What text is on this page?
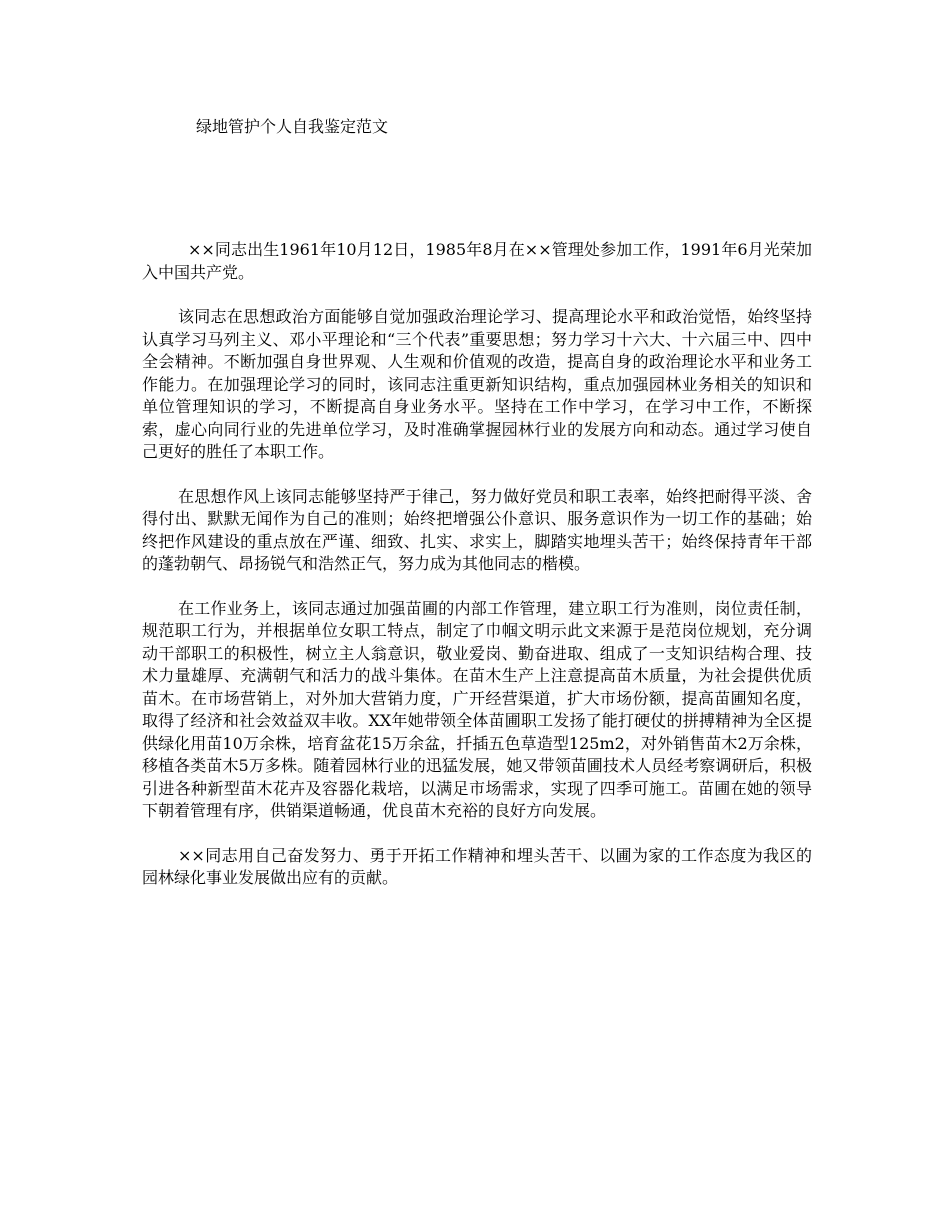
绿地管护个人自我鉴定范文

××同志出生1961年10月12日，1985年8月在××管理处参加工作，1991年6月光荣加入中国共产党。

该同志在思想政治方面能够自觉加强政治理论学习、提高理论水平和政治觉悟，始终坚持认真学习马列主义、邓小平理论和“三个代表”重要思想；努力学习十六大、十六届三中、四中全会精神。不断加强自身世界观、人生观和价值观的改造，提高自身的政治理论水平和业务工作能力。在加强理论学习的同时，该同志注重更新知识结构，重点加强园林业务相关的知识和单位管理知识的学习，不断提高自身业务水平。坚持在工作中学习，在学习中工作，不断探索，虚心向同行业的先进单位学习，及时准确掌握园林行业的发展方向和动态。通过学习使自己更好的胜任了本职工作。

在思想作风上该同志能够坚持严于律己，努力做好党员和职工表率，始终把耐得平淡、舍得付出、默默无闻作为自己的准则；始终把增强公仆意识、服务意识作为一切工作的基础；始终把作风建设的重点放在严谨、细致、扎实、求实上，脚踏实地埋头苦干；始终保持青年干部的蓬勃朝气、昂扬锐气和浩然正气，努力成为其他同志的楷模。

在工作业务上，该同志通过加强苗圃的内部工作管理，建立职工行为准则，岗位责任制，规范职工行为，并根据单位女职工特点，制定了巾帼文明示此文来源于是范岗位规划，充分调动干部职工的积极性，树立主人翁意识，敬业爱岗、勤奋进取、组成了一支知识结构合理、技术力量雄厚、充满朝气和活力的战斗集体。在苗木生产上注意提高苗木质量，为社会提供优质苗木。在市场营销上，对外加大营销力度，广开经营渠道，扩大市场份额，提高苗圃知名度，取得了经济和社会效益双丰收。XX年她带领全体苗圃职工发扬了能打硬仗的拼搏精神为全区提供绿化用苗10万余株，培育盆花15万余盆，扦插五色草造型125m2，对外销售苗木2万余株，移植各类苗木5万多株。随着园林行业的迅猛发展，她又带领苗圃技术人员经考察调研后，积极引进各种新型苗木花卉及容器化栽培，以满足市场需求，实现了四季可施工。苗圃在她的领导下朝着管理有序，供销渠道畅通，优良苗木充裕的良好方向发展。

××同志用自己奋发努力、勇于开拓工作精神和埋头苦干、以圃为家的工作态度为我区的园林绿化事业发展做出应有的贡献。
